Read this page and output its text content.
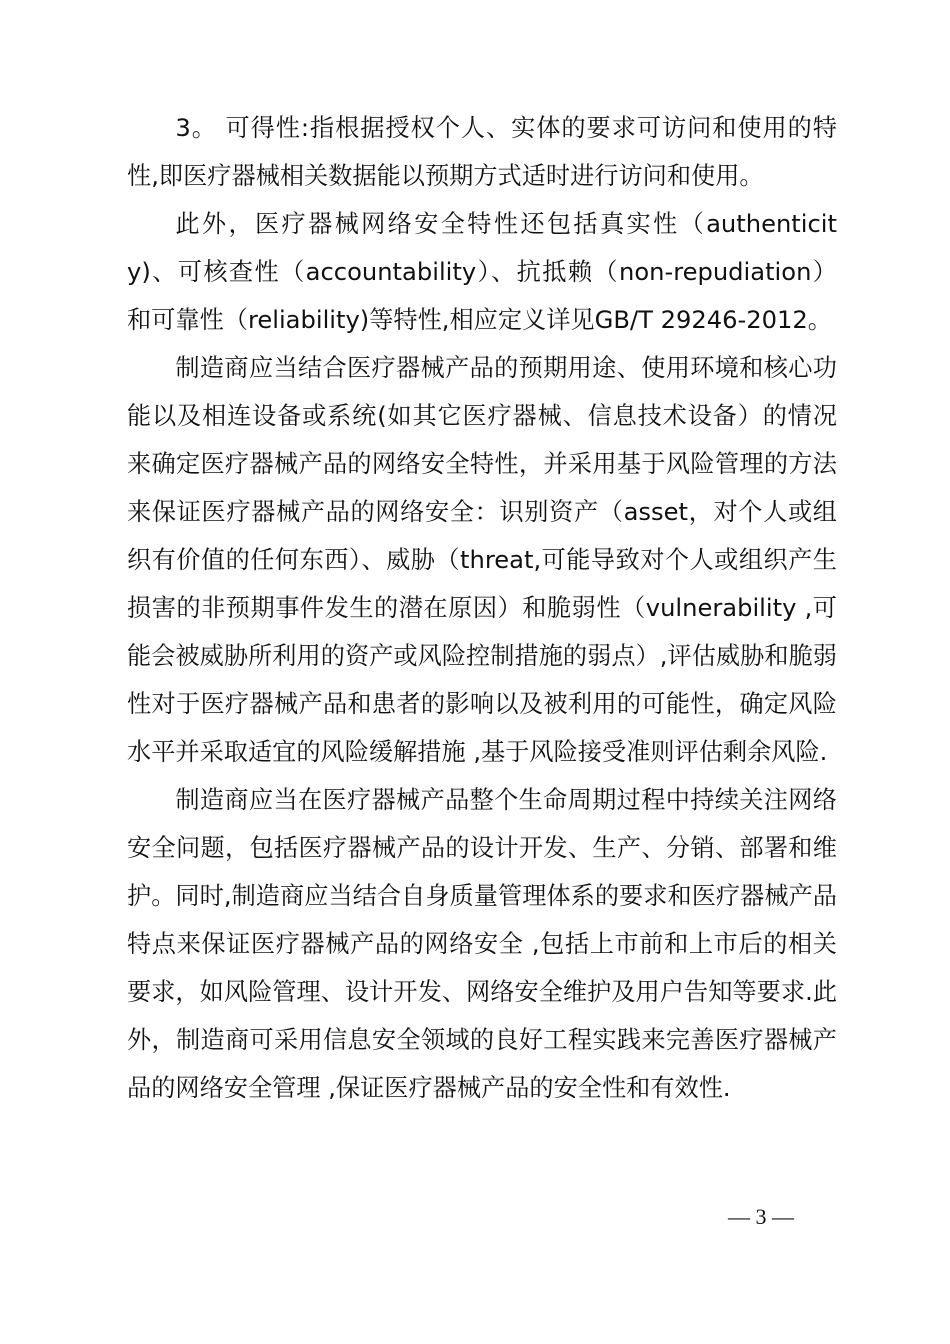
3。 可得性:指根据授权个人、实体的要求可访问和使用的特性,即医疗器械相关数据能以预期方式适时进行访问和使用。

此外，医疗器械网络安全特性还包括真实性（authenticity)、可核查性（accountability）、抗抵赖（non-repudiation）和可靠性（reliability)等特性,相应定义详见GB/T 29246-2012。

制造商应当结合医疗器械产品的预期用途、使用环境和核心功能以及相连设备或系统(如其它医疗器械、信息技术设备）的情况来确定医疗器械产品的网络安全特性，并采用基于风险管理的方法来保证医疗器械产品的网络安全：识别资产（asset，对个人或组织有价值的任何东西）、威胁（threat,可能导致对个人或组织产生损害的非预期事件发生的潜在原因）和脆弱性（vulnerability ,可能会被威胁所利用的资产或风险控制措施的弱点）,评估威胁和脆弱性对于医疗器械产品和患者的影响以及被利用的可能性，确定风险水平并采取适宜的风险缓解措施 ,基于风险接受准则评估剩余风险.

制造商应当在医疗器械产品整个生命周期过程中持续关注网络安全问题，包括医疗器械产品的设计开发、生产、分销、部署和维护。同时,制造商应当结合自身质量管理体系的要求和医疗器械产品特点来保证医疗器械产品的网络安全 ,包括上市前和上市后的相关要求，如风险管理、设计开发、网络安全维护及用户告知等要求.此外，制造商可采用信息安全领域的良好工程实践来完善医疗器械产品的网络安全管理 ,保证医疗器械产品的安全性和有效性.

— 3 —
